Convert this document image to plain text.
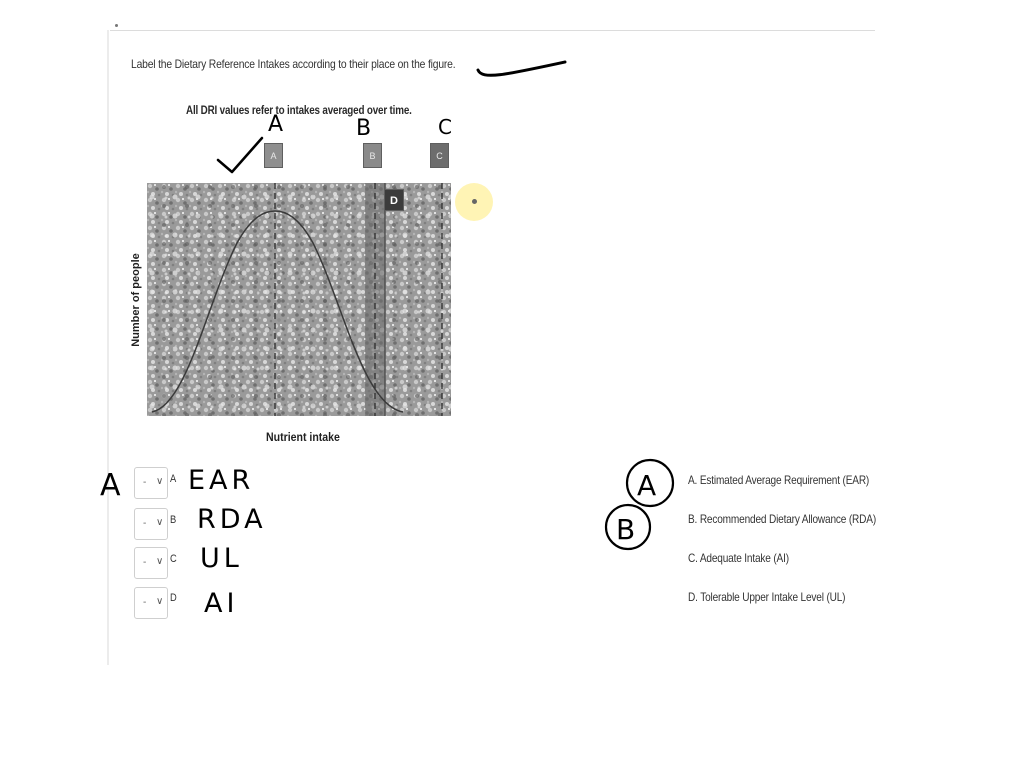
Label the Dietary Reference Intakes according to their place on the figure.
All DRI values refer to intakes averaged over time.
A	B	C
D
Number of people
Nutrient intake
- ∨ A
- ∨ B
- ∨ C
- ∨ D
A. Estimated Average Requirement (EAR)
B. Recommended Dietary Allowance (RDA)
C. Adequate Intake (AI)
D. Tolerable Upper Intake Level (UL)
EAR
RDA
UL
AI
A
A	B	C
A
B
